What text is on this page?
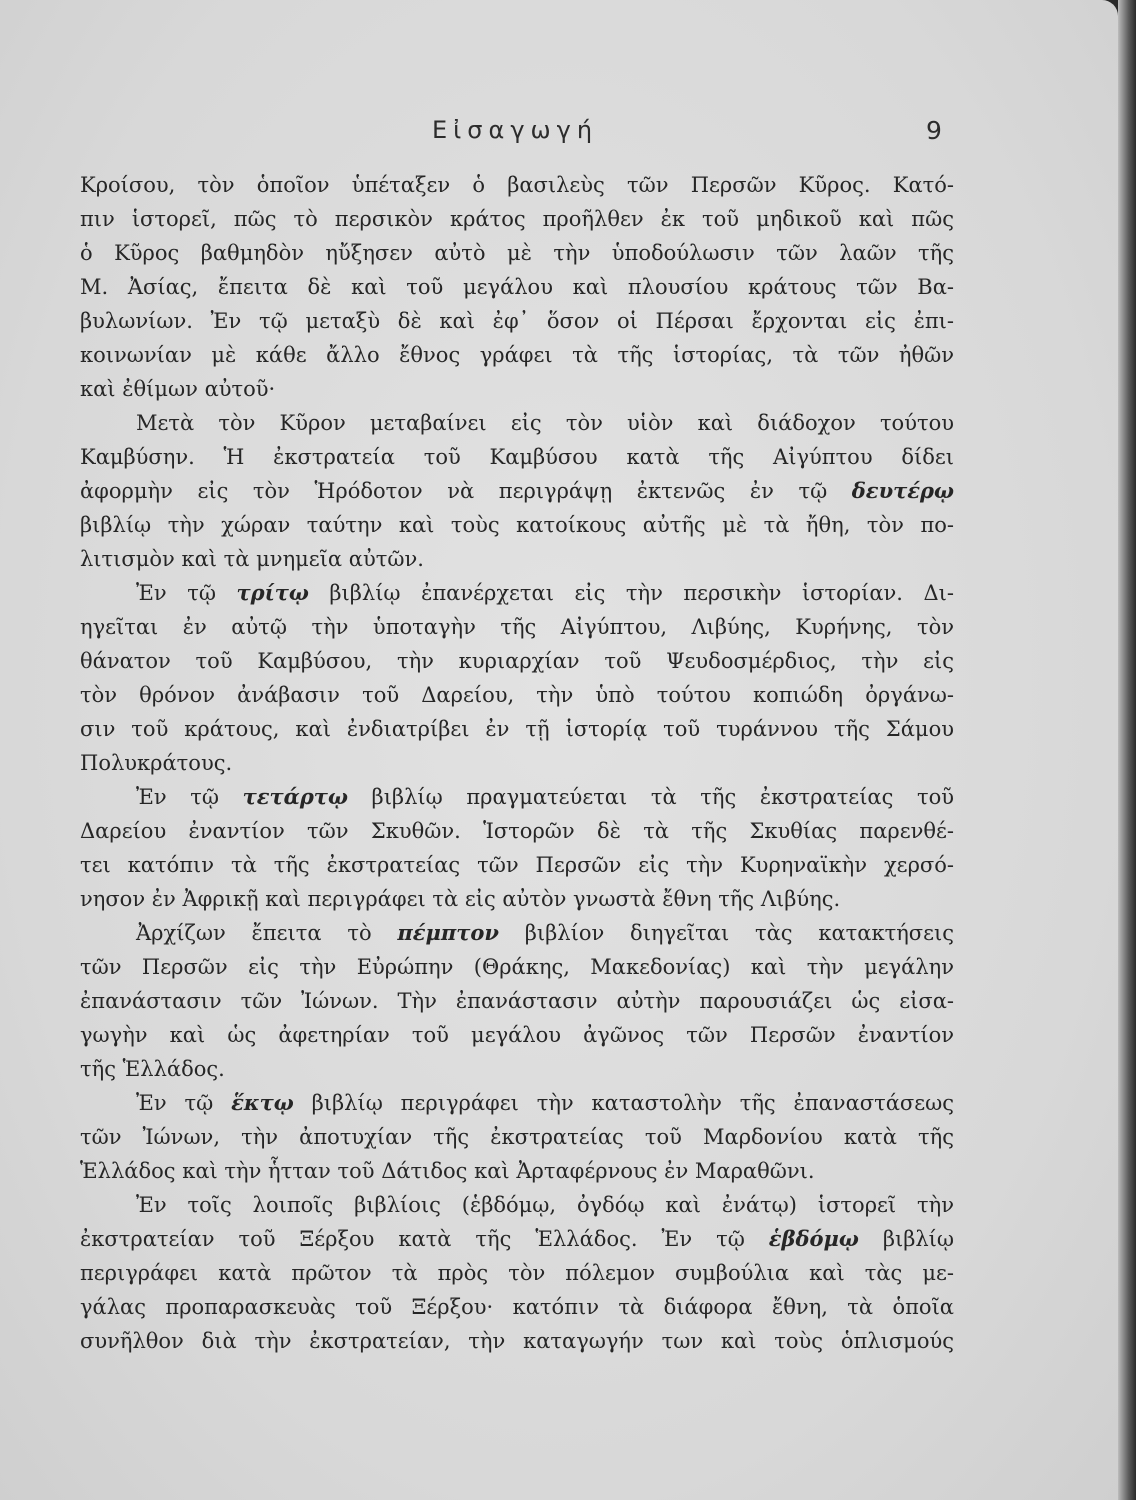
Εἰσαγωγή	9
Κροίσου, τὸν ὁποῖον ὑπέταξεν ὁ βασιλεὺς τῶν Περσῶν Κῦρος. Κατό-
πιν ἱστορεῖ, πῶς τὸ περσικὸν κράτος προῆλθεν ἐκ τοῦ μηδικοῦ καὶ πῶς
ὁ Κῦρος βαθμηδὸν ηὔξησεν αὐτὸ μὲ τὴν ὑποδούλωσιν τῶν λαῶν τῆς
Μ. Ἀσίας, ἔπειτα δὲ καὶ τοῦ μεγάλου καὶ πλουσίου κράτους τῶν Βα-
βυλωνίων. Ἐν τῷ μεταξὺ δὲ καὶ ἐφ᾽ ὅσον οἱ Πέρσαι ἔρχονται εἰς ἐπι-
κοινωνίαν μὲ κάθε ἄλλο ἔθνος γράφει τὰ τῆς ἱστορίας, τὰ τῶν ἠθῶν
καὶ ἐθίμων αὐτοῦ·
Μετὰ τὸν Κῦρον μεταβαίνει εἰς τὸν υἱὸν καὶ διάδοχον τούτου
Καμβύσην. Ἡ ἐκστρατεία τοῦ Καμβύσου κατὰ τῆς Αἰγύπτου δίδει
ἀφορμὴν εἰς τὸν Ἡρόδοτον νὰ περιγράψῃ ἐκτενῶς ἐν τῷ δευτέρῳ
βιβλίῳ τὴν χώραν ταύτην καὶ τοὺς κατοίκους αὐτῆς μὲ τὰ ἤθη, τὸν πο-
λιτισμὸν καὶ τὰ μνημεῖα αὐτῶν.
Ἐν τῷ τρίτῳ βιβλίῳ ἐπανέρχεται εἰς τὴν περσικὴν ἱστορίαν. Δι-
ηγεῖται ἐν αὐτῷ τὴν ὑποταγὴν τῆς Αἰγύπτου, Λιβύης, Κυρήνης, τὸν
θάνατον τοῦ Καμβύσου, τὴν κυριαρχίαν τοῦ Ψευδοσμέρδιος, τὴν εἰς
τὸν θρόνον ἀνάβασιν τοῦ Δαρείου, τὴν ὑπὸ τούτου κοπιώδη ὀργάνω-
σιν τοῦ κράτους, καὶ ἐνδιατρίβει ἐν τῇ ἱστορίᾳ τοῦ τυράννου τῆς Σάμου
Πολυκράτους.
Ἐν τῷ τετάρτῳ βιβλίῳ πραγματεύεται τὰ τῆς ἐκστρατείας τοῦ
Δαρείου ἐναντίον τῶν Σκυθῶν. Ἱστορῶν δὲ τὰ τῆς Σκυθίας παρενθέ-
τει κατόπιν τὰ τῆς ἐκστρατείας τῶν Περσῶν εἰς τὴν Κυρηναϊκὴν χερσό-
νησον ἐν Ἀφρικῇ καὶ περιγράφει τὰ εἰς αὐτὸν γνωστὰ ἔθνη τῆς Λιβύης.
Ἀρχίζων ἔπειτα τὸ πέμπτον βιβλίον διηγεῖται τὰς κατακτήσεις
τῶν Περσῶν εἰς τὴν Εὐρώπην (Θράκης, Μακεδονίας) καὶ τὴν μεγάλην
ἐπανάστασιν τῶν Ἰώνων. Τὴν ἐπανάστασιν αὐτὴν παρουσιάζει ὡς εἰσα-
γωγὴν καὶ ὡς ἀφετηρίαν τοῦ μεγάλου ἀγῶνος τῶν Περσῶν ἐναντίον
τῆς Ἑλλάδος.
Ἐν τῷ ἕκτῳ βιβλίῳ περιγράφει τὴν καταστολὴν τῆς ἐπαναστάσεως
τῶν Ἰώνων, τὴν ἀποτυχίαν τῆς ἐκστρατείας τοῦ Μαρδονίου κατὰ τῆς
Ἑλλάδος καὶ τὴν ἧτταν τοῦ Δάτιδος καὶ Ἀρταφέρνους ἐν Μαραθῶνι.
Ἐν τοῖς λοιποῖς βιβλίοις (ἑβδόμῳ, ὀγδόῳ καὶ ἐνάτῳ) ἱστορεῖ τὴν
ἐκστρατείαν τοῦ Ξέρξου κατὰ τῆς Ἑλλάδος. Ἐν τῷ ἑβδόμῳ βιβλίῳ
περιγράφει κατὰ πρῶτον τὰ πρὸς τὸν πόλεμον συμβούλια καὶ τὰς με-
γάλας προπαρασκευὰς τοῦ Ξέρξου· κατόπιν τὰ διάφορα ἔθνη, τὰ ὁποῖα
συνῆλθον διὰ τὴν ἐκστρατείαν, τὴν καταγωγήν των καὶ τοὺς ὁπλισμούς
